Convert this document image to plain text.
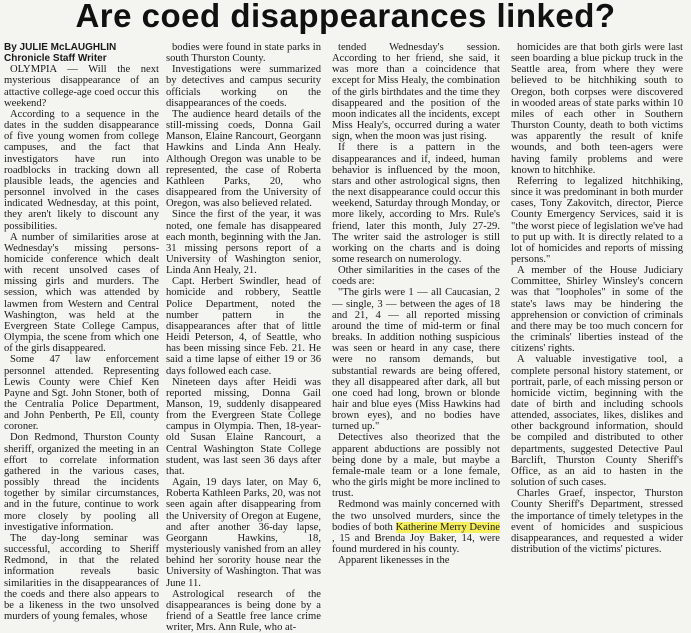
Are coed disappearances linked?

By JULIE McLAUGHLIN

Chronicle Staff Writer

OLYMPIA — Will the next mysterious disappearance of an attactive college-age coed occur this weekend?

According to a sequence in the dates in the sudden disappearance of five young women from college campuses, and the fact that investigators have run into roadblocks in tracking down all plausible leads, the agencies and personnel involved in the cases indicated Wednesday, at this point, they aren't likely to discount any possibilities.

A number of similarities arose at Wednesday's missing persons-homicide conference which dealt with recent unsolved cases of missing girls and murders. The session, which was attended by lawmen from Western and Central Washington, was held at the Evergreen State College Campus, Olympia, the scene from which one of the girls disappeared.

Some 47 law enforcement personnel attended. Representing Lewis County were Chief Ken Payne and Sgt. John Stoner, both of the Centralia Police Department, and John Penberth, Pe Ell, county coroner.

Don Redmond, Thurston County sheriff, organized the meeting in an effort to correlate information gathered in the various cases, possibly thread the incidents together by similar circumstances, and in the future, continue to work more closely by pooling all investigative information.

The day-long seminar was successful, according to Sheriff Redmond, in that the related information reveals basic similarities in the disappearances of the coeds and there also appears to be a likeness in the two unsolved murders of young females, whose

bodies were found in state parks in south Thurston County.

Investigations were summarized by detectives and campus security officials working on the disappearances of the coeds.

The audience heard details of the still-missing coeds, Donna Gail Manson, Elaine Rancourt, Georgann Hawkins and Linda Ann Healy. Although Oregon was unable to be represented, the case of Roberta Kathleen Parks, 20, who disappeared from the University of Oregon, was also believed related.

Since the first of the year, it was noted, one female has disappeared each month, beginning with the Jan. 31 missing persons report of a University of Washington senior, Linda Ann Healy, 21.

Capt. Herbert Swindler, head of homicide and robbery, Seattle Police Department, noted the number pattern in the disappearances after that of little Heidi Peterson, 4, of Seattle, who has been missing since Feb. 21. He said a time lapse of either 19 or 36 days followed each case.

Nineteen days after Heidi was reported missing, Donna Gail Manson, 19, suddenly disappeared from the Evergreen State College campus in Olympia. Then, 18-year-old Susan Elaine Rancourt, a Central Washington State College student, was last seen 36 days after that.

Again, 19 days later, on May 6, Roberta Kathleen Parks, 20, was not seen again after disappearing from the University of Oregon at Eugene, and after another 36-day lapse, Georgann Hawkins, 18, mysteriously vanished from an alley behind her sorority house near the University of Washington. That was June 11.

Astrological research of the disappearances is being done by a friend of a Seattle free lance crime writer, Mrs. Ann Rule, who at-

tended Wednesday's session. According to her friend, she said, it was more than a coincidence that except for Miss Healy, the combination of the girls birthdates and the time they disappeared and the position of the moon indicates all the incidents, except Miss Healy's, occurred during a water sign, when the moon was just rising.

If there is a pattern in the disappearances and if, indeed, human behavior is influenced by the moon, stars and other astrological signs, then the next disappearance could occur this weekend, Saturday through Monday, or more likely, according to Mrs. Rule's friend, later this month, July 27-29. The writer said the astrologer is still working on the charts and is doing some research on numerology.

Other similarities in the cases of the coeds are:

"The girls were 1 — all Caucasian, 2 — single, 3 — between the ages of 18 and 21, 4 — all reported missing around the time of mid-term or final breaks. In addition nothing suspicious was seen or heard in any case, there were no ransom demands, but substantial rewards are being offered, they all disappeared after dark, all but one coed had long, brown or blonde hair and blue eyes (Miss Hawkins had brown eyes), and no bodies have turned up."

Detectives also theorized that the apparent abductions are possibly not being done by a male, but maybe a female-male team or a lone female, who the girls might be more inclined to trust.

Redmond was mainly concerned with the two unsolved murders, since the bodies of both Katherine Merry Devine , 15 and Brenda Joy Baker, 14, were found murdered in his county.

Apparent likenesses in the

homicides are that both girls were last seen boarding a blue pickup truck in the Seattle area, from where they were believed to be hitchhiking south to Oregon, both corpses were discovered in wooded areas of state parks within 10 miles of each other in Southern Thurston County, death to both victims was apparently the result of knife wounds, and both teen-agers were having family problems and were known to hitchhike.

Referring to legalized hitchhiking, since it was predominant in both murder cases, Tony Zakovitch, director, Pierce County Emergency Services, said it is "the worst piece of legislation we've had to put up with. It is directly related to a lot of homicides and reports of missing persons."

A member of the House Judiciary Committee, Shirley Winsley's concern was that "loopholes" in some of the state's laws may be hindering the apprehension or conviction of criminals and there may be too much concern for the criminals' liberties instead of the citizens' rights.

A valuable investigative tool, a complete personal history statement, or portrait, parle, of each missing person or homicide victim, beginning with the date of birth and including schools attended, associates, likes, dislikes and other background information, should be compiled and distributed to other departments, suggested Detective Paul Barclift, Thurston County Sheriff's Office, as an aid to hasten in the solution of such cases.

Charles Graef, inspector, Thurston County Sheriff's Department, stressed the importance of timely teletypes in the event of homicides and suspicious disappearances, and requested a wider distribution of the victims' pictures.
